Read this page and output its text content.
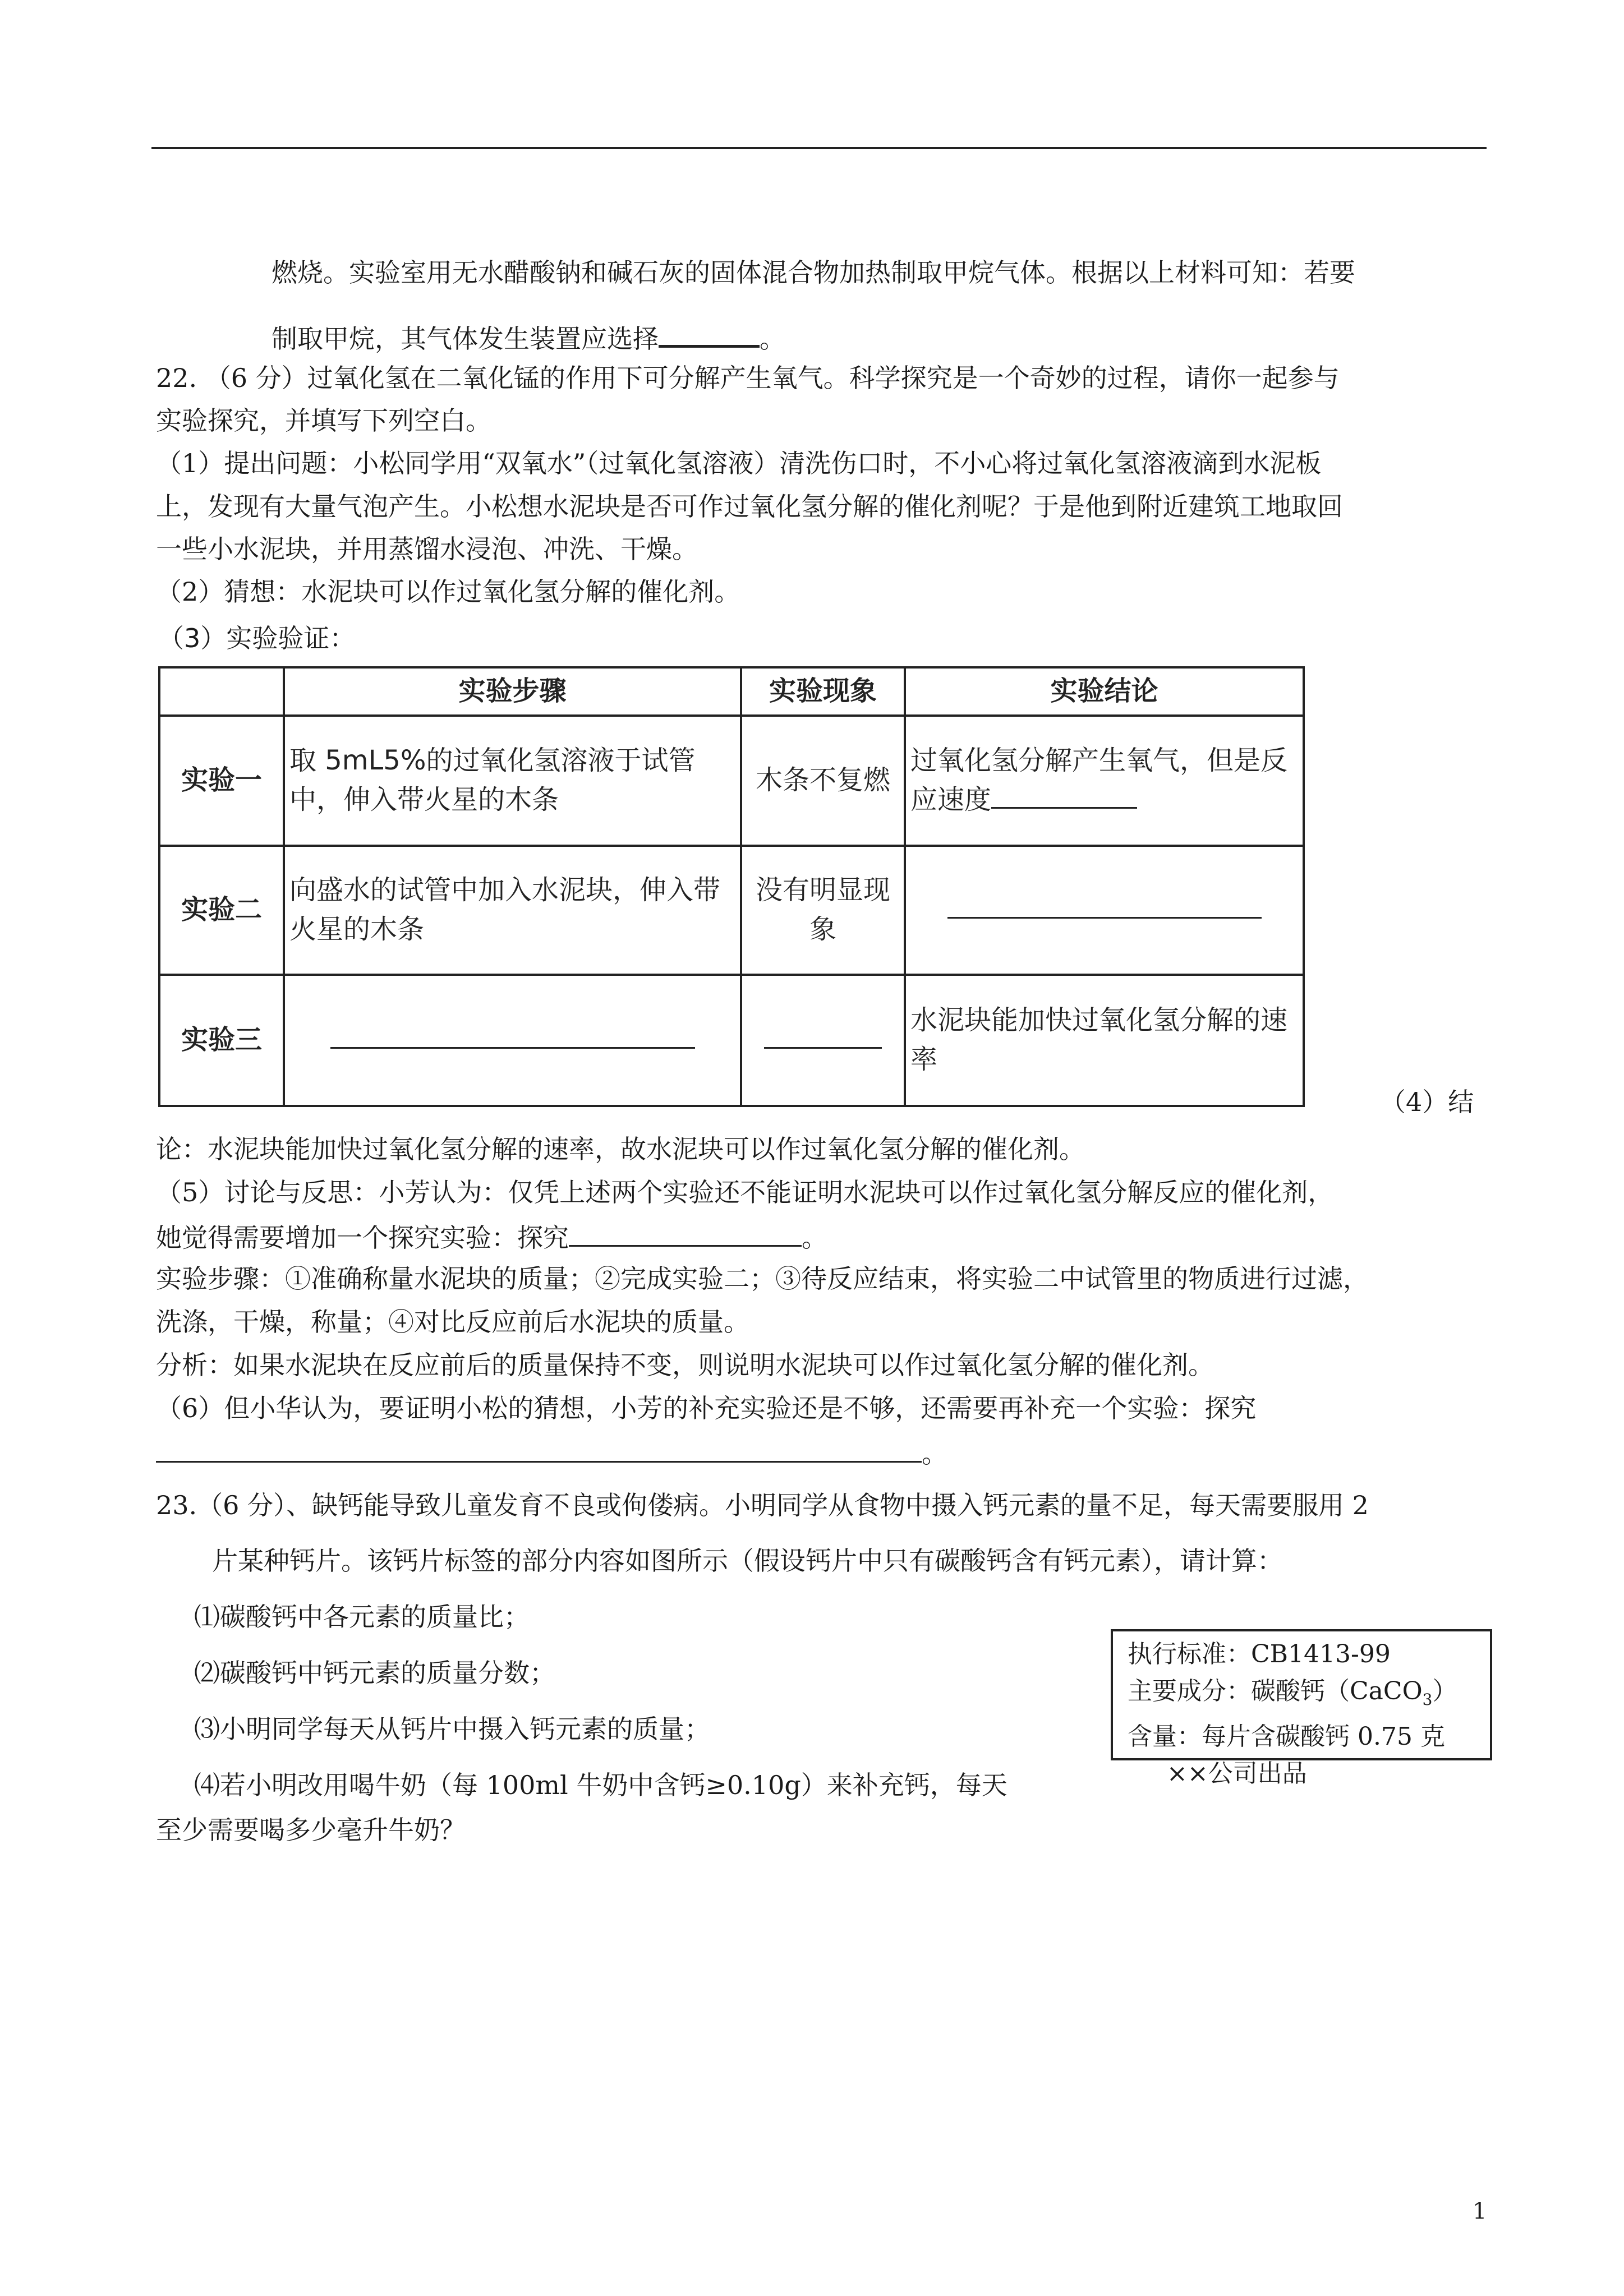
燃烧。实验室用无水醋酸钠和碱石灰的固体混合物加热制取甲烷气体。根据以上材料可知：若要
制取甲烷，其气体发生装置应选择	。
22. （6 分）过氧化氢在二氧化锰的作用下可分解产生氧气。科学探究是一个奇妙的过程，请你一起参与
实验探究，并填写下列空白。
（1）提出问题：小松同学用“双氧水”（过氧化氢溶液）清洗伤口时，不小心将过氧化氢溶液滴到水泥板
上，发现有大量气泡产生。小松想水泥块是否可作过氧化氢分解的催化剂呢？于是他到附近建筑工地取回
一些小水泥块，并用蒸馏水浸泡、冲洗、干燥。
（2）猜想：水泥块可以作过氧化氢分解的催化剂。
（3）实验验证：
	实验步骤	实验现象	实验结论
实验一	取 5mL5%的过氧化氢溶液于试管中，伸入带火星的木条	木条不复燃	过氧化氢分解产生氧气，但是反应速度
实验二	向盛水的试管中加入水泥块，伸入带火星的木条	没有明显现象	
实验三			水泥块能加快过氧化氢分解的速率
（4）结
论：水泥块能加快过氧化氢分解的速率，故水泥块可以作过氧化氢分解的催化剂。
（5）讨论与反思：小芳认为：仅凭上述两个实验还不能证明水泥块可以作过氧化氢分解反应的催化剂，
她觉得需要增加一个探究实验：探究	。
实验步骤：①准确称量水泥块的质量；②完成实验二；③待反应结束，将实验二中试管里的物质进行过滤，
洗涤，干燥，称量；④对比反应前后水泥块的质量。
分析：如果水泥块在反应前后的质量保持不变，则说明水泥块可以作过氧化氢分解的催化剂。
（6）但小华认为，要证明小松的猜想，小芳的补充实验还是不够，还需要再补充一个实验：探究
。
23.（6 分）、缺钙能导致儿童发育不良或佝偻病。小明同学从食物中摄入钙元素的量不足，每天需要服用 2
片某种钙片。该钙片标签的部分内容如图所示（假设钙片中只有碳酸钙含有钙元素），请计算：
⑴碳酸钙中各元素的质量比；
⑵碳酸钙中钙元素的质量分数；
⑶小明同学每天从钙片中摄入钙元素的质量；
⑷若小明改用喝牛奶（每 100ml 牛奶中含钙≥0.10g）来补充钙，每天
至少需要喝多少毫升牛奶？
执行标准：CB1413-99
主要成分：碳酸钙（CaCO$_3$）
含量：每片含碳酸钙 0.75 克
××公司出品
1
